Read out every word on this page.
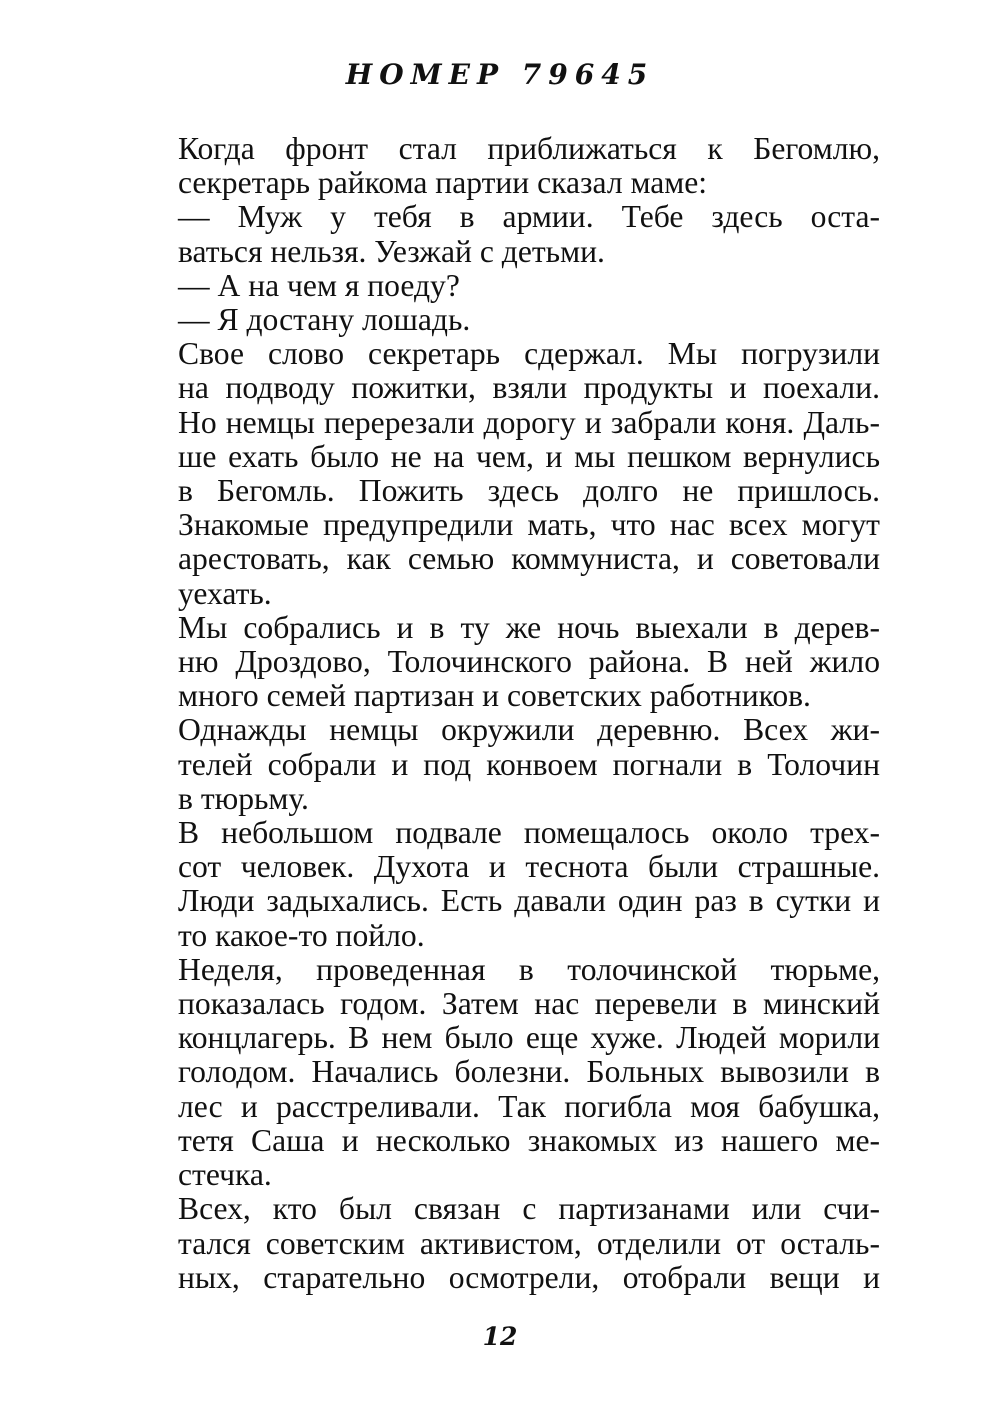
НОМЕР 79645

Когда фронт стал приближаться к Бегомлю,
секретарь райкома партии сказал маме:

— Муж у тебя в армии. Тебе здесь оста-
ваться нельзя. Уезжай с детьми.

— А на чем я поеду?

— Я достану лошадь.

Свое слово секретарь сдержал. Мы погрузили
на подводу пожитки, взяли продукты и поехали.
Но немцы перерезали дорогу и забрали коня. Даль-
ше ехать было не на чем, и мы пешком вернулись
в Бегомль. Пожить здесь долго не пришлось.
Знакомые предупредили мать, что нас всех могут
арестовать, как семью коммуниста, и советовали
уехать.

Мы собрались и в ту же ночь выехали в дерев-
ню Дроздово, Толочинского района. В ней жило
много семей партизан и советских работников.

Однажды немцы окружили деревню. Всех жи-
телей собрали и под конвоем погнали в Толочин
в тюрьму.

В небольшом подвале помещалось около трех-
сот человек. Духота и теснота были страшные.
Люди задыхались. Есть давали один раз в сутки и
то какое-то пойло.

Неделя, проведенная в толочинской тюрьме,
показалась годом. Затем нас перевели в минский
концлагерь. В нем было еще хуже. Людей морили
голодом. Начались болезни. Больных вывозили в
лес и расстреливали. Так погибла моя бабушка,
тетя Саша и несколько знакомых из нашего ме-
стечка.

Всех, кто был связан с партизанами или счи-
тался советским активистом, отделили от осталь-
ных, старательно осмотрели, отобрали вещи и

12
